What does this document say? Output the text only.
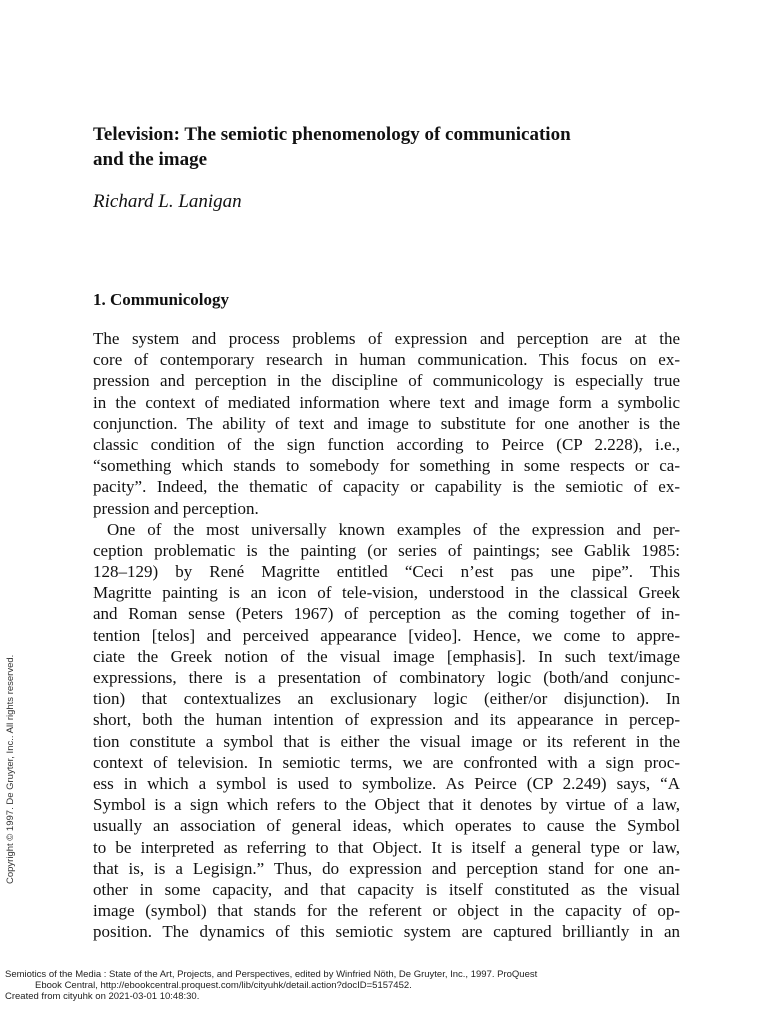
Television: The semiotic phenomenology of communication
and the image
Richard L. Lanigan
1. Communicology
The system and process problems of expression and perception are at the
core of contemporary research in human communication. This focus on ex-
pression and perception in the discipline of communicology is especially true
in the context of mediated information where text and image form a symbolic
conjunction. The ability of text and image to substitute for one another is the
classic condition of the sign function according to Peirce (CP 2.228), i.e.,
“something which stands to somebody for something in some respects or ca-
pacity”. Indeed, the thematic of capacity or capability is the semiotic of ex-
pression and perception.
One of the most universally known examples of the expression and per-
ception problematic is the painting (or series of paintings; see Gablik 1985:
128–129) by René Magritte entitled “Ceci n’est pas une pipe”. This
Magritte painting is an icon of tele-vision, understood in the classical Greek
and Roman sense (Peters 1967) of perception as the coming together of in-
tention [telos] and perceived appearance [video]. Hence, we come to appre-
ciate the Greek notion of the visual image [emphasis]. In such text/image
expressions, there is a presentation of combinatory logic (both/and conjunc-
tion) that contextualizes an exclusionary logic (either/or disjunction). In
short, both the human intention of expression and its appearance in percep-
tion constitute a symbol that is either the visual image or its referent in the
context of television. In semiotic terms, we are confronted with a sign proc-
ess in which a symbol is used to symbolize. As Peirce (CP 2.249) says, “A
Symbol is a sign which refers to the Object that it denotes by virtue of a law,
usually an association of general ideas, which operates to cause the Symbol
to be interpreted as referring to that Object. It is itself a general type or law,
that is, is a Legisign.” Thus, do expression and perception stand for one an-
other in some capacity, and that capacity is itself constituted as the visual
image (symbol) that stands for the referent or object in the capacity of op-
position. The dynamics of this semiotic system are captured brilliantly in an
Copyright © 1997. De Gruyter, Inc.. All rights reserved.
Semiotics of the Media : State of the Art, Projects, and Perspectives, edited by Winfried Nöth, De Gruyter, Inc., 1997. ProQuest
Ebook Central, http://ebookcentral.proquest.com/lib/cityuhk/detail.action?docID=5157452.
Created from cityuhk on 2021-03-01 10:48:30.
